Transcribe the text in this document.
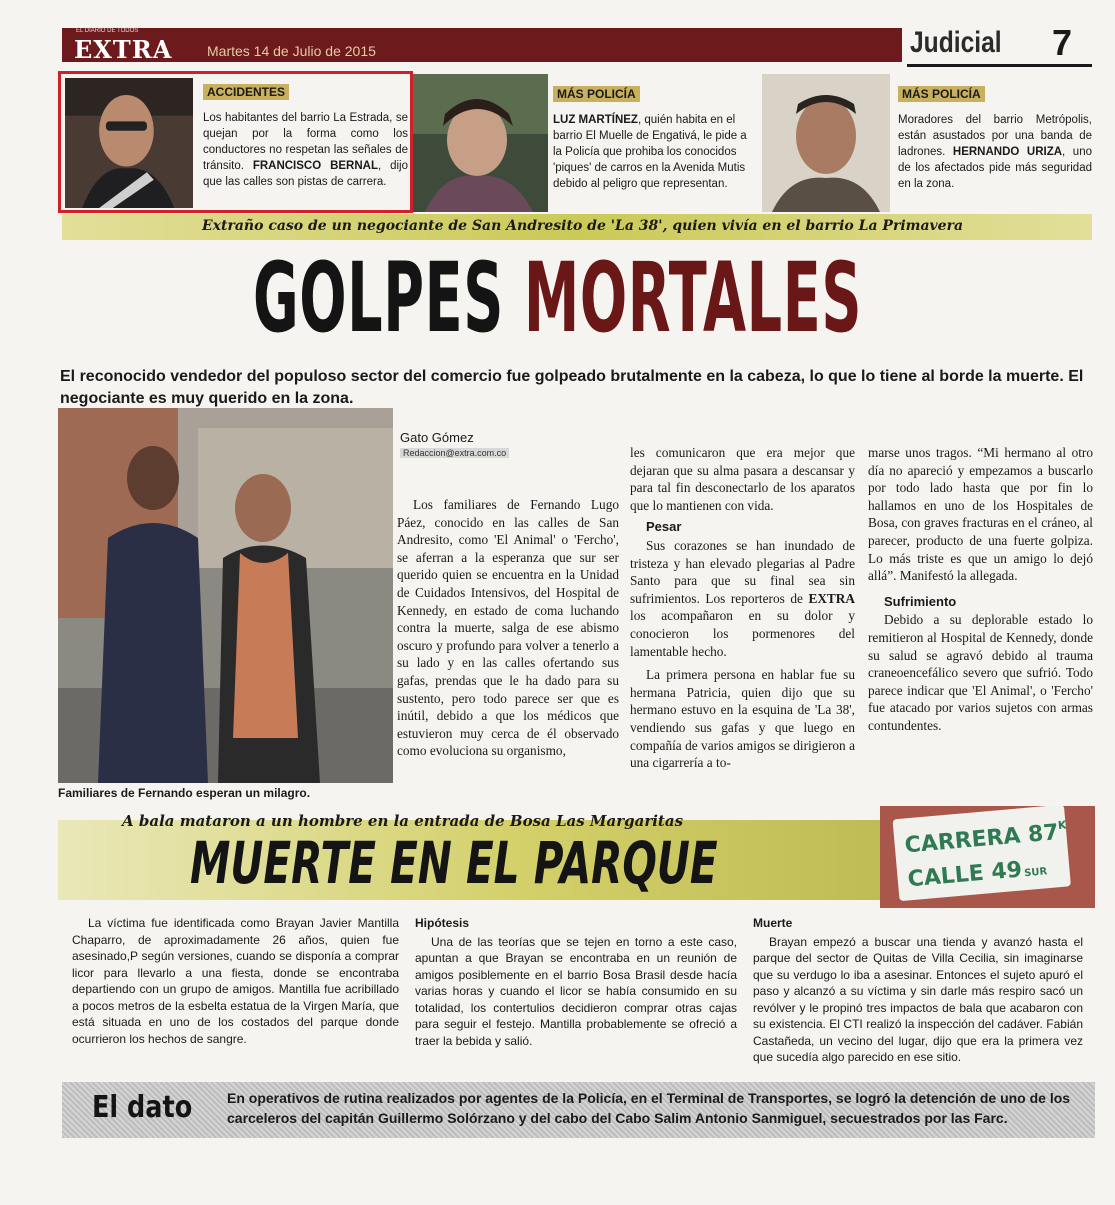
EL DIARIO DE TODOS
EXTRA Martes 14 de Julio de 2015	Judicial 7
ACCIDENTES

Los habitantes del barrio La Estrada, se quejan por la forma como los conductores no respetan las señales de tránsito. FRANCISCO BERNAL, dijo que las calles son pistas de carrera.

MÁS POLICÍA

LUZ MARTÍNEZ, quién habita en el barrio El Muelle de Engativá, le pide a la Policía que prohiba los conocidos 'piques' de carros en la Avenida Mutis debido al peligro que representan.

MÁS POLICÍA

Moradores del barrio Metrópolis, están asustados por una banda de ladrones. HERNANDO URIZA, uno de los afectados pide más seguridad en la zona.

Extraño caso de un negociante de San Andresito de 'La 38', quien vivía en el barrio La Primavera
GOLPES MORTALES

El reconocido vendedor del populoso sector del comercio fue golpeado brutalmente en la cabeza, lo que lo tiene al borde la muerte. El negociante es muy querido en la zona.

Familiares de Fernando esperan un milagro.
Gato Gómez
Redaccion@extra.com.co

Los familiares de Fernando Lugo Páez, conocido en las calles de San Andresito, como 'El Animal' o 'Fercho', se aferran a la esperanza que sur ser querido quien se encuentra en la Unidad de Cuidados Intensivos, del Hospital de Kennedy, en estado de coma luchando contra la muerte, salga de ese abismo oscuro y profundo para volver a tenerlo a su lado y en las calles ofertando sus gafas, prendas que le ha dado para su sustento, pero todo parece ser que es inútil, debido a que los médicos que estuvieron muy cerca de él observado como evoluciona su organismo,

les comunicaron que era mejor que dejaran que su alma pasara a descansar y para tal fin desconectarlo de los aparatos que lo mantienen con vida.

Pesar

Sus corazones se han inundado de tristeza y han elevado plegarias al Padre Santo para que su final sea sin sufrimientos. Los reporteros de EXTRA los acompañaron en su dolor y conocieron los pormenores del lamentable hecho.

La primera persona en hablar fue su hermana Patricia, quien dijo que su hermano estuvo en la esquina de 'La 38', vendiendo sus gafas y que luego en compañía de varios amigos se dirigieron a una cigarrería a to-

marse unos tragos. “Mi hermano al otro día no apareció y empezamos a buscarlo por todo lado hasta que por fin lo hallamos en uno de los Hospitales de Bosa, con graves fracturas en el cráneo, al parecer, producto de una fuerte golpiza. Lo más triste es que un amigo lo dejó allá”. Manifestó la allegada.

Sufrimiento

Debido a su deplorable estado lo remitieron al Hospital de Kennedy, donde su salud se agravó debido al trauma craneoencefálico severo que sufrió. Todo parece indicar que 'El Animal', o 'Fercho' fue atacado por varios sujetos con armas contundentes.

A bala mataron a un hombre en la entrada de Bosa Las Margaritas
MUERTE EN EL PARQUE	CARRERA $87^K$
CALLE 49SUR

La víctima fue identificada como Brayan Javier Mantilla Chaparro, de aproximadamente 26 años, quien fue asesinado,P según versiones, cuando se disponía a comprar licor para llevarlo a una fiesta, donde se encontraba departiendo con un grupo de amigos. Mantilla fue acribillado a pocos metros de la esbelta estatua de la Virgen María, que está situada en uno de los costados del parque donde ocurrieron los hechos de sangre.

Hipótesis

Una de las teorías que se tejen en torno a este caso, apuntan a que Brayan se encontraba en un reunión de amigos posiblemente en el barrio Bosa Brasil desde hacía varias horas y cuando el licor se había consumido en su totalidad, los contertulios decidieron comprar otras cajas para seguir el festejo. Mantilla probablemente se ofreció a traer la bebida y salió.

Muerte

Brayan empezó a buscar una tienda y avanzó hasta el parque del sector de Quitas de Villa Cecilia, sin imaginarse que su verdugo lo iba a asesinar. Entonces el sujeto apuró el paso y alcanzó a su víctima y sin darle más respiro sacó un revólver y le propinó tres impactos de bala que acabaron con su existencia. El CTI realizó la inspección del cadáver. Fabián Castañeda, un vecino del lugar, dijo que era la primera vez que sucedía algo parecido en ese sitio.

El dato En operativos de rutina realizados por agentes de la Policía, en el Terminal de Transportes, se logró la detención de uno de los carceleros del capitán Guillermo Solórzano y del cabo del Cabo Salim Antonio Sanmiguel, secuestrados por las Farc.
